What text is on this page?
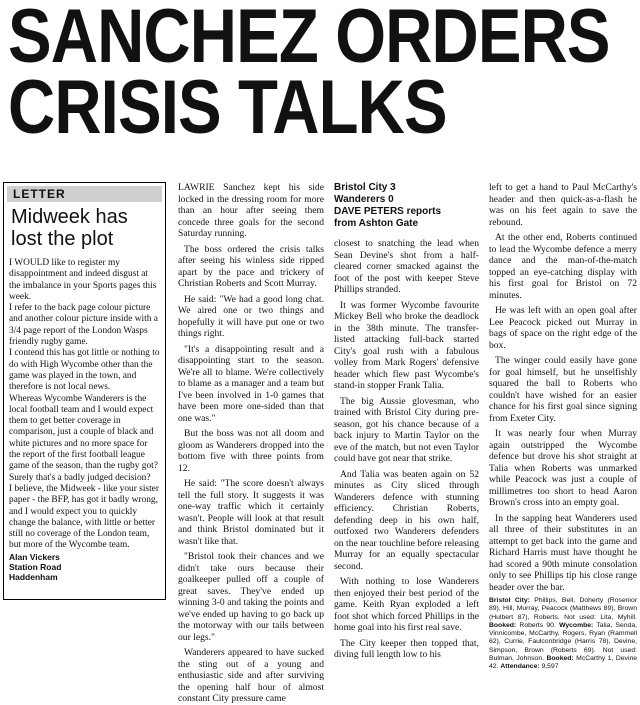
SANCHEZ ORDERS
CRISIS TALKS
LETTER
Midweek has lost the plot

I WOULD like to register my disappointment and indeed disgust at the imbalance in your Sports pages this week.

I refer to the back page colour picture and another colour picture inside with a 3/4 page report of the London Wasps friendly rugby game.

I contend this has got little or nothing to do with High Wycombe other than the game was played in the town, and therefore is not local news.

Whereas Wycombe Wanderers is the local football team and I would expect them to get better coverage in comparison, just a couple of black and white pictures and no more space for the report of the first football league game of the season, than the rugby got?

Surely that's a badly judged decision?

I believe, the Midweek - like your sister paper - the BFP, has got it badly wrong, and I would expect you to quickly change the balance, with little or better still no coverage of the London team, but more of the Wycombe team.

Alan Vickers
Station Road
Haddenham

LAWRIE Sanchez kept his side locked in the dressing room for more than an hour after seeing them concede three goals for the second Saturday running.

The boss ordered the crisis talks after seeing his winless side ripped apart by the pace and trickery of Christian Roberts and Scott Murray.

He said: "We had a good long chat. We aired one or two things and hopefully it will have put one or two things right.

"It's a disappointing result and a disappointing start to the season. We're all to blame. We're collectively to blame as a manager and a team but I've been involved in 1-0 games that have been more one-sided than that one was."

But the boss was not all doom and gloom as Wanderers dropped into the bottom five with three points from 12.

He said: "The score doesn't always tell the full story. It suggests it was one-way traffic which it certainly wasn't. People will look at that result and think Bristol dominated but it wasn't like that.

"Bristol took their chances and we didn't take ours because their goalkeeper pulled off a couple of great saves. They've ended up winning 3-0 and taking the points and we've ended up having to go back up the motorway with our tails between our legs."

Wanderers appeared to have sucked the sting out of a young and enthusiastic side and after surviving the opening half hour of almost constant City pressure came

Bristol City 3
Wanderers 0
DAVE PETERS reports
from Ashton Gate

closest to snatching the lead when Sean Devine's shot from a half-cleared corner smacked against the foot of the post with keeper Steve Phillips stranded.

It was former Wycombe favourite Mickey Bell who broke the deadlock in the 38th minute. The transfer-listed attacking full-back started City's goal rush with a fabulous volley from Mark Rogers' defensive header which flew past Wycombe's stand-in stopper Frank Talia.

The big Aussie glovesman, who trained with Bristol City during pre-season, got his chance because of a back injury to Martin Taylor on the eve of the match, but not even Taylor could have got near that strike.

And Talia was beaten again on 52 minutes as City sliced through Wanderers defence with stunning efficiency. Christian Roberts, defending deep in his own half, outfoxed two Wanderers defenders on the near touchline before releasing Murray for an equally spectacular second.

With nothing to lose Wanderers then enjoyed their best period of the game. Keith Ryan exploded a left foot shot which forced Phillips in the home goal into his first real save.

The City keeper then topped that, diving full length low to his

left to get a hand to Paul McCarthy's header and then quick-as-a-flash he was on his feet again to save the rebound.

At the other end, Roberts continued to lead the Wycombe defence a merry dance and the man-of-the-match topped an eye-catching display with his first goal for Bristol on 72 minutes.

He was left with an open goal after Lee Peacock picked out Murray in bags of space on the right edge of the box.

The winger could easily have gone for goal himself, but he unselfishly squared the ball to Roberts who couldn't have wished for an easier chance for his first goal since signing from Exeter City.

It was nearly four when Murray again outstripped the Wycombe defence but drove his shot straight at Talia when Roberts was unmarked while Peacock was just a couple of millimetres too short to head Aaron Brown's cross into an empty goal.

In the sapping heat Wanderers used all three of their substitutes in an attempt to get back into the game and Richard Harris must have thought he had scored a 90th minute consolation only to see Phillips tip his close range header over the bar.

Bristol City: Phillips, Bell, Doherty (Rosenior 89), Hill, Murray, Peacock (Matthews 89), Brown (Hulbert 87), Roberts. Not used: Lita, Myhill. Booked: Roberts 90. Wycombe: Talia, Senda, Vinnicombe, McCarthy, Rogers, Ryan (Rammell 62), Currie, Faulconbridge (Harris 78), Devine, Simpson, Brown (Roberts 69). Not used: Bulman, Johnson. Booked: McCarthy 1, Devine 42. Attendance: 9,597
